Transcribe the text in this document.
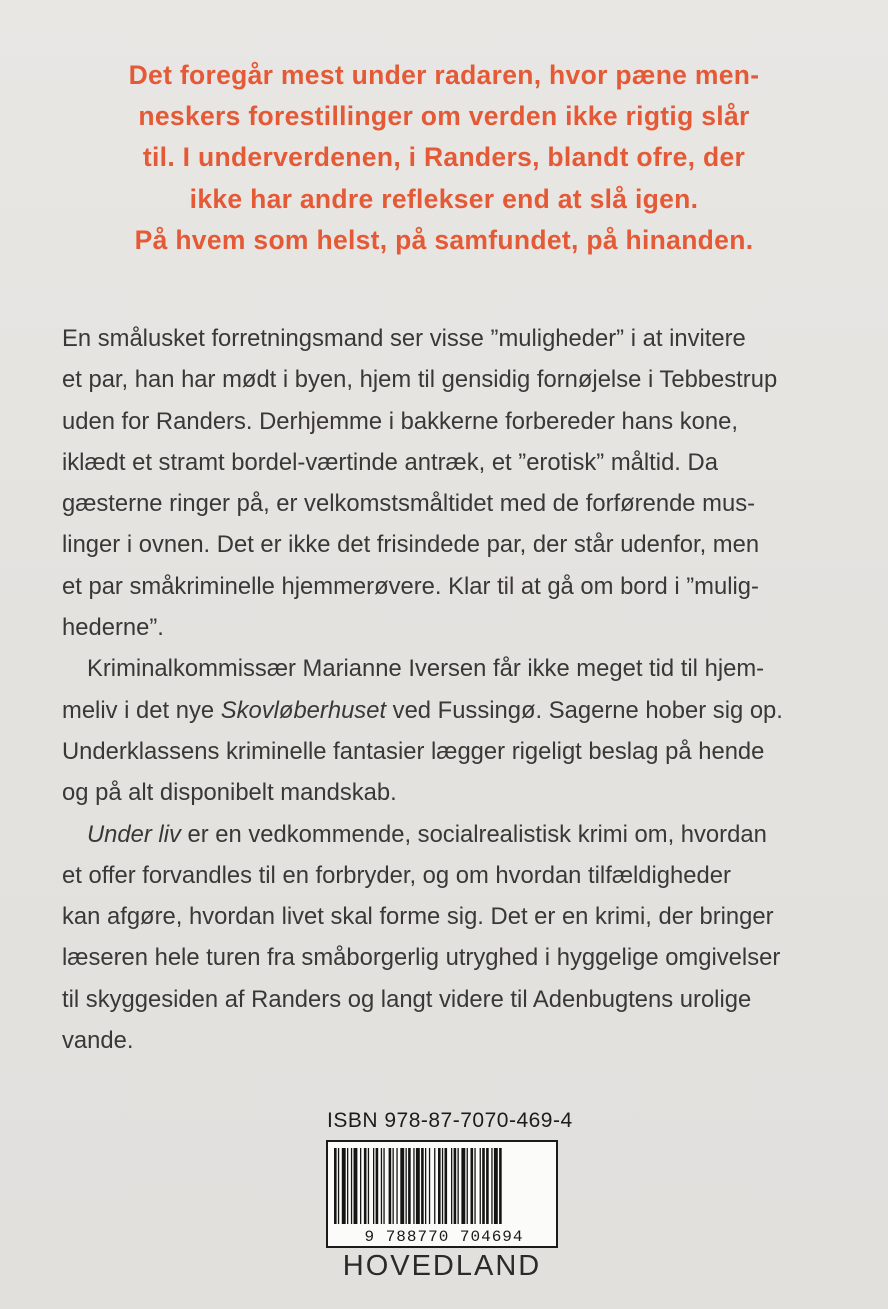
Det foregår mest under radaren, hvor pæne men-
neskers forestillinger om verden ikke rigtig slår
til. I underverdenen, i Randers, blandt ofre, der
ikke har andre reflekser end at slå igen.
På hvem som helst, på samfundet, på hinanden.
En smålusket forretningsmand ser visse ”muligheder” i at invitere
et par, han har mødt i byen, hjem til gensidig fornøjelse i Tebbestrup
uden for Randers. Derhjemme i bakkerne forbereder hans kone,
iklædt et stramt bordel-værtinde antræk, et ”erotisk” måltid. Da
gæsterne ringer på, er velkomstsmåltidet med de forførende mus-
linger i ovnen. Det er ikke det frisindede par, der står udenfor, men
et par småkriminelle hjemmerøvere. Klar til at gå om bord i ”mulig-
hederne”.
Kriminalkommissær Marianne Iversen får ikke meget tid til hjem-
meliv i det nye Skovløberhuset ved Fussingø. Sagerne hober sig op.
Underklassens kriminelle fantasier lægger rigeligt beslag på hende
og på alt disponibelt mandskab.
Under liv er en vedkommende, socialrealistisk krimi om, hvordan
et offer forvandles til en forbryder, og om hvordan tilfældigheder
kan afgøre, hvordan livet skal forme sig. Det er en krimi, der bringer
læseren hele turen fra småborgerlig utryghed i hyggelige omgivelser
til skyggesiden af Randers og langt videre til Adenbugtens urolige
vande.
ISBN 978-87-7070-469-4
9 788770 704694
HOVEDLAND
